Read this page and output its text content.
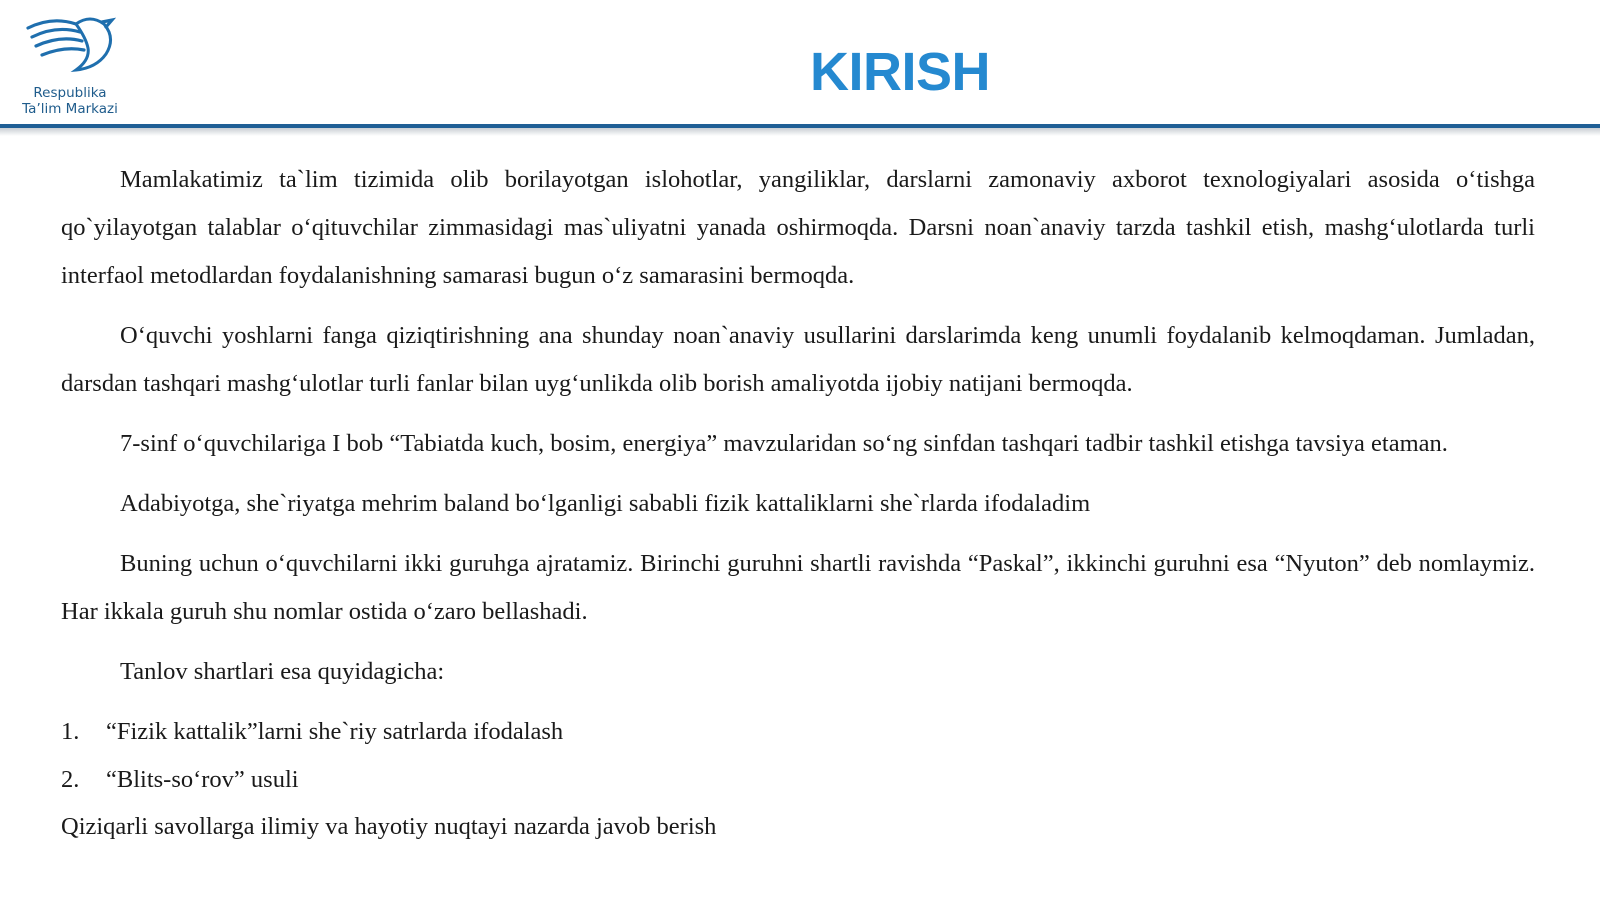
Respublika
Ta’lim Markazi
KIRISH

Mamlakatimiz ta`lim tizimida olib borilayotgan islohotlar, yangiliklar, darslarni zamonaviy axborot texnologiyalari asosida o‘tishga qo`yilayotgan talablar o‘qituvchilar zimmasidagi mas`uliyatni yanada oshirmoqda. Darsni noan`anaviy tarzda tashkil etish, mashg‘ulotlarda turli interfaol metodlardan foydalanishning samarasi bugun o‘z samarasini bermoqda.

O‘quvchi yoshlarni fanga qiziqtirishning ana shunday noan`anaviy usullarini darslarimda keng unumli foydalanib kelmoqdaman. Jumladan, darsdan tashqari mashg‘ulotlar turli fanlar bilan uyg‘unlikda olib borish amaliyotda ijobiy natijani bermoqda.

7-sinf o‘quvchilariga I bob “Tabiatda kuch, bosim, energiya” mavzularidan so‘ng sinfdan tashqari tadbir tashkil etishga tavsiya etaman.

Adabiyotga, she`riyatga mehrim baland bo‘lganligi sababli fizik kattaliklarni she`rlarda ifodaladim

Buning uchun o‘quvchilarni ikki guruhga ajratamiz. Birinchi guruhni shartli ravishda “Paskal”, ikkinchi guruhni esa “Nyuton” deb nomlaymiz. Har ikkala guruh shu nomlar ostida o‘zaro bellashadi.

Tanlov shartlari esa quyidagicha:

1. “Fizik kattalik”larni she`riy satrlarda ifodalash
2. “Blits-so‘rov” usuli

Qiziqarli savollarga ilimiy va hayotiy nuqtayi nazarda javob berish
